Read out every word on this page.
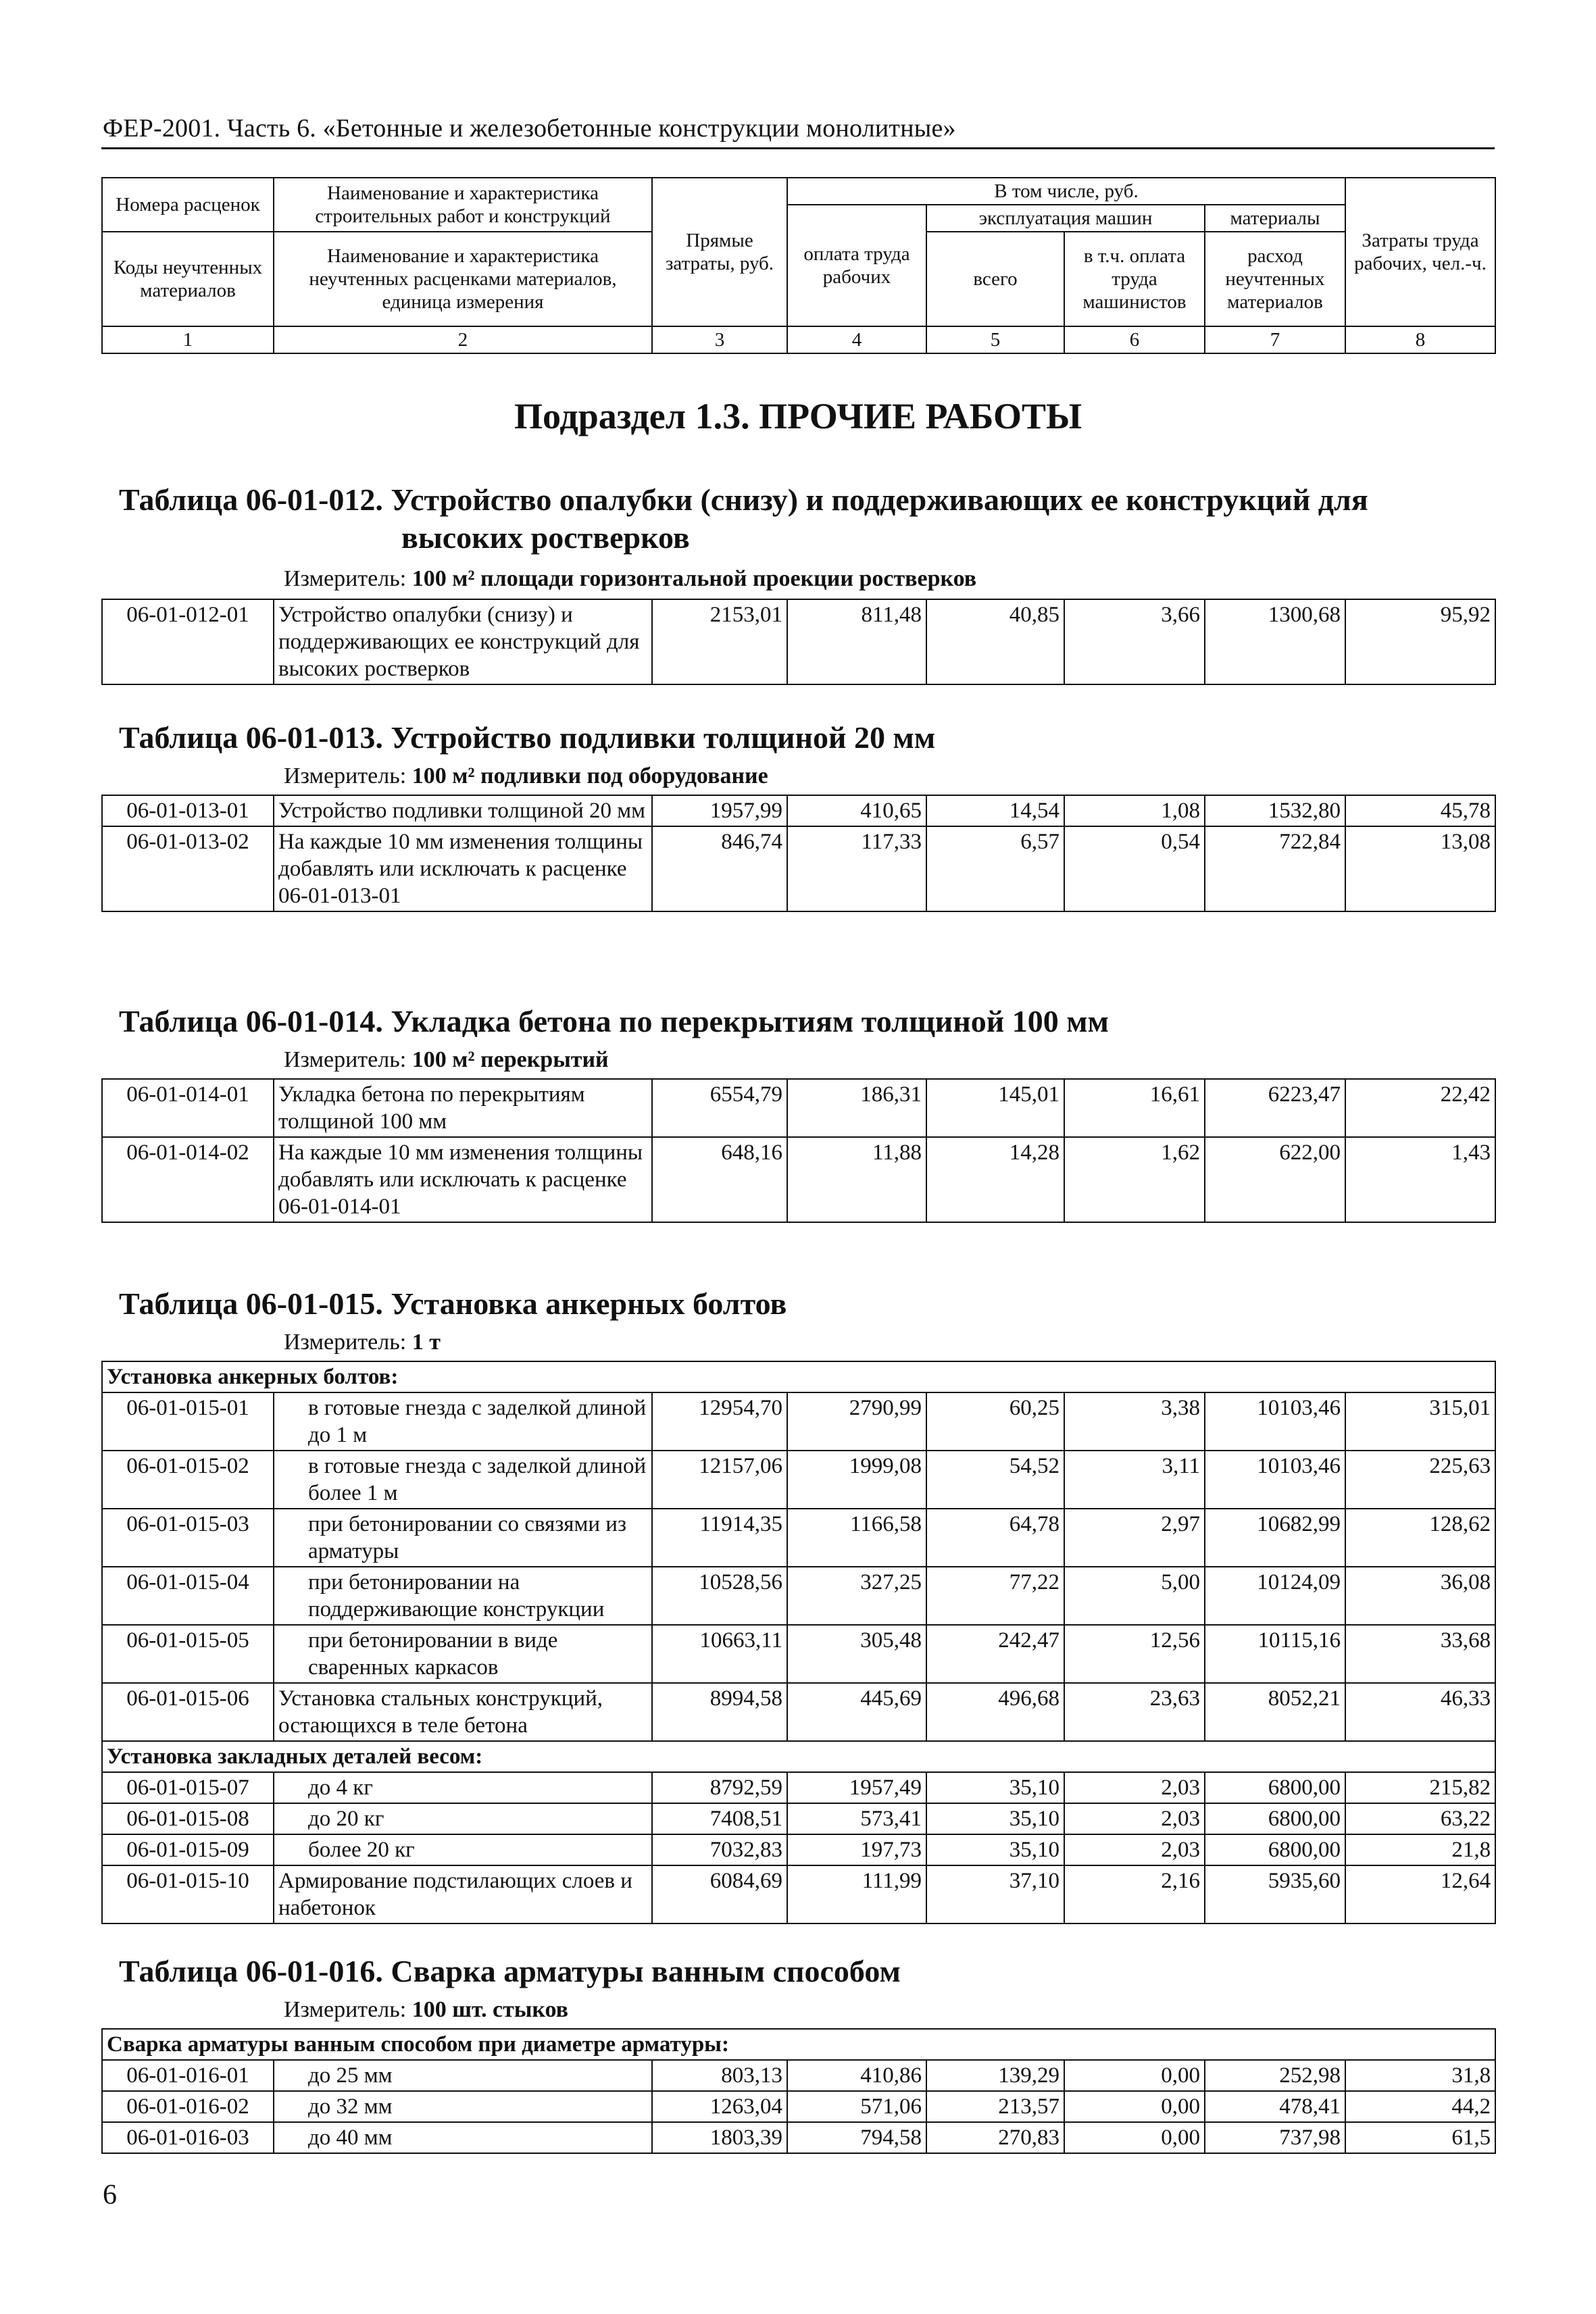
ФЕР-2001. Часть 6. «Бетонные и железобетонные конструкции монолитные»
Номера расценок	Наименование и характеристика строительных работ и конструкций	Прямые затраты, руб.	В том числе, руб.				Затраты труда рабочих, чел.-ч.
			оплата труда рабочих	эксплуатация машин		материалы	
Коды неучтенных материалов	Наименование и характеристика неучтенных расценками материалов, единица измерения			всего	в т.ч. оплата труда машинистов	расход неучтенных материалов	

1	2	3	4	5	6	7	8
Подраздел 1.3. ПРОЧИЕ РАБОТЫ
Таблица 06-01-012. Устройство опалубки (снизу) и поддерживающих ее конструкций для
высоких ростверков
Измеритель: 100 м² площади горизонтальной проекции ростверков
06-01-012-01	Устройство опалубки (снизу) и поддерживающих ее конструкций для высоких ростверков	2153,01	811,48	40,85	3,66	1300,68	95,92
Таблица 06-01-013. Устройство подливки толщиной 20 мм
Измеритель: 100 м² подливки под оборудование
06-01-013-01	Устройство подливки толщиной 20 мм	1957,99	410,65	14,54	1,08	1532,80	45,78
06-01-013-02	На каждые 10 мм изменения толщины добавлять или исключать к расценке 06-01-013-01	846,74	117,33	6,57	0,54	722,84	13,08
Таблица 06-01-014. Укладка бетона по перекрытиям толщиной 100 мм
Измеритель: 100 м² перекрытий
06-01-014-01	Укладка бетона по перекрытиям толщиной 100 мм	6554,79	186,31	145,01	16,61	6223,47	22,42
06-01-014-02	На каждые 10 мм изменения толщины добавлять или исключать к расценке 06-01-014-01	648,16	11,88	14,28	1,62	622,00	1,43
Таблица 06-01-015. Установка анкерных болтов
Измеритель: 1 т
Установка анкерных болтов:							
06-01-015-01	в готовые гнезда с заделкой длиной до 1 м	12954,70	2790,99	60,25	3,38	10103,46	315,01
06-01-015-02	в готовые гнезда с заделкой длиной более 1 м	12157,06	1999,08	54,52	3,11	10103,46	225,63
06-01-015-03	при бетонировании со связями из арматуры	11914,35	1166,58	64,78	2,97	10682,99	128,62
06-01-015-04	при бетонировании на поддерживающие конструкции	10528,56	327,25	77,22	5,00	10124,09	36,08
06-01-015-05	при бетонировании в виде сваренных каркасов	10663,11	305,48	242,47	12,56	10115,16	33,68
06-01-015-06	Установка стальных конструкций, остающихся в теле бетона	8994,58	445,69	496,68	23,63	8052,21	46,33
Установка закладных деталей весом:							
06-01-015-07	до 4 кг	8792,59	1957,49	35,10	2,03	6800,00	215,82
06-01-015-08	до 20 кг	7408,51	573,41	35,10	2,03	6800,00	63,22
06-01-015-09	более 20 кг	7032,83	197,73	35,10	2,03	6800,00	21,8
06-01-015-10	Армирование подстилающих слоев и набетонок	6084,69	111,99	37,10	2,16	5935,60	12,64
Таблица 06-01-016. Сварка арматуры ванным способом
Измеритель: 100 шт. стыков
Сварка арматуры ванным способом при диаметре арматуры:							
06-01-016-01	до 25 мм	803,13	410,86	139,29	0,00	252,98	31,8
06-01-016-02	до 32 мм	1263,04	571,06	213,57	0,00	478,41	44,2
06-01-016-03	до 40 мм	1803,39	794,58	270,83	0,00	737,98	61,5
6
